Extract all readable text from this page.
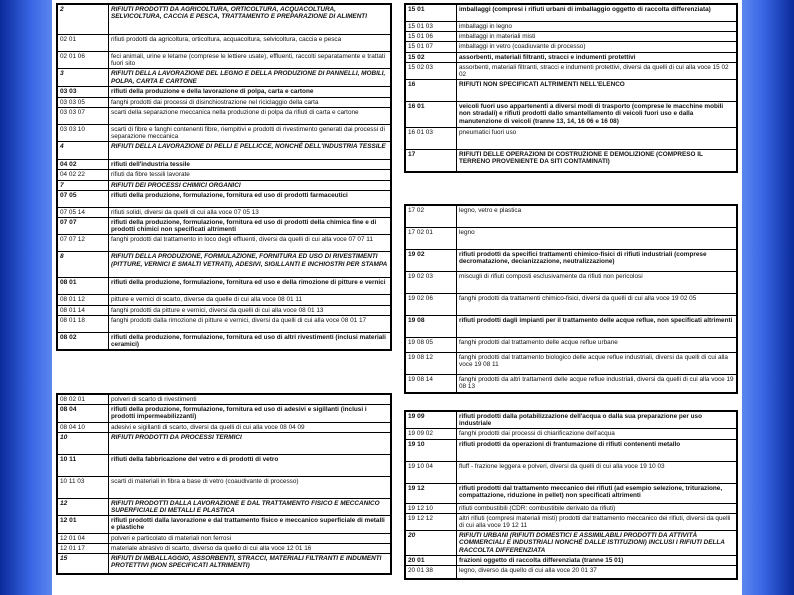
2	RIFIUTI PRODOTTI DA AGRICOLTURA, ORTICOLTURA, ACQUACOLTURA, SELVICOLTURA, CACCIA E PESCA, TRATTAMENTO E PREPARAZIONE DI ALIMENTI
02 01	rifiuti prodotti da agricoltura, orticoltura, acquacoltura, selvicoltura, caccia e pesca
02 01 06	feci animali, urine e letame (comprese le lettiere usate), effluenti, raccolti separatamente e trattati fuori sito
3	RIFIUTI DELLA LAVORAZIONE DEL LEGNO E DELLA PRODUZIONE DI PANNELLI, MOBILI, POLPA, CARTA E CARTONE
03 03	rifiuti della produzione e della lavorazione di polpa, carta e cartone
03 03 05	fanghi prodotti dai processi di disinchiostrazione nel riciclaggio della carta
03 03 07	scarti della separazione meccanica nella produzione di polpa da rifiuti di carta e cartone
03 03 10	scarti di fibre e fanghi contenenti fibre, riempitivi e prodotti di rivestimento generati dai processi di separazione meccanica
4	RIFIUTI DELLA LAVORAZIONE DI PELLI E PELLICCE, NONCHÉ DELL'INDUSTRIA TESSILE
04 02	rifiuti dell'industria tessile
04 02 22	rifiuti da fibre tessili lavorate
7	RIFIUTI DEI PROCESSI CHIMICI ORGANICI
07 05	rifiuti della produzione, formulazione, fornitura ed uso di prodotti farmaceutici
07 05 14	rifiuti solidi, diversi da quelli di cui alla voce 07 05 13
07 07	rifiuti della produzione, formulazione, fornitura ed uso di prodotti della chimica fine e di prodotti chimici non specificati altrimenti
07 07 12	fanghi prodotti dal trattamento in loco degli effluenti, diversi da quelli di cui alla voce 07 07 11
8	RIFIUTI DELLA PRODUZIONE, FORMULAZIONE, FORNITURA ED USO DI RIVESTIMENTI (PITTURE, VERNICI E SMALTI VETRATI), ADESIVI, SIGILLANTI E INCHIOSTRI PER STAMPA
08 01	rifiuti della produzione, formulazione, fornitura ed uso e della rimozione di pitture e vernici
08 01 12	pitture e vernici di scarto, diverse da quelle di cui alla voce 08 01 11
08 01 14	fanghi prodotti da pitture e vernici, diversi da quelli di cui alla voce 08 01 13
08 01 18	fanghi prodotti dalla rimozione di pitture e vernici, diversi da quelli di cui alla voce 08 01 17
08 02	rifiuti della produzione, formulazione, fornitura ed uso di altri rivestimenti (inclusi materiali ceramici)
08 02 01	polveri di scarto di rivestimenti
08 04	rifiuti della produzione, formulazione, fornitura ed uso di adesivi e sigillanti (inclusi i prodotti impermeabilizzanti)
08 04 10	adesivi e sigillanti di scarto, diversi da quelli di cui alla voce 08 04 09
10	RIFIUTI PRODOTTI DA PROCESSI TERMICI
10 11	rifiuti della fabbricazione del vetro e di prodotti di vetro
10 11 03	scarti di materiali in fibra a base di vetro (coaudivante di processo)
12	RIFIUTI PRODOTTI DALLA LAVORAZIONE E DAL TRATTAMENTO FISICO E MECCANICO SUPERFICIALE DI METALLI E PLASTICA
12 01	rifiuti prodotti dalla lavorazione e dal trattamento fisico e meccanico superficiale di metalli e plastiche
12 01 04	polveri e particolato di materiali non ferrosi
12 01 17	materiale abrasivo di scarto, diverso da quello di cui alla voce 12 01 16
15	RIFIUTI DI IMBALLAGGIO, ASSORBENTI, STRACCI, MATERIALI FILTRANTI E INDUMENTI PROTETTIVI (NON SPECIFICATI ALTRIMENTI)
15 01	imballaggi (compresi i rifiuti urbani di imballaggio oggetto di raccolta differenziata)
15 01 03	imballaggi in legno
15 01 06	imballaggi in materiali misti
15 01 07	imballaggi in vetro (coadiuvante di processo)
15 02	assorbenti, materiali filtranti, stracci e indumenti protettivi
15 02 03	assorbenti, materiali filtranti, stracci e indumenti protettivi, diversi da quelli di cui alla voce 15 02 02
16	RIFIUTI NON SPECIFICATI ALTRIMENTI NELL'ELENCO
16 01	veicoli fuori uso appartenenti a diversi modi di trasporto (comprese le macchine mobili non stradali) e rifiuti prodotti dallo smantellamento di veicoli fuori uso e dalla manutenzione di veicoli (tranne 13, 14, 16 06 e 16 08)
16 01 03	pneumatici fuori uso
17	RIFIUTI DELLE OPERAZIONI DI COSTRUZIONE E DEMOLIZIONE (COMPRESO IL TERRENO PROVENIENTE DA SITI CONTAMINATI)
17 02	legno, vetro e plastica
17 02 01	legno
19 02	rifiuti prodotti da specifici trattamenti chimico-fisici di rifiuti industriali (comprese decromatazione, decianizzazione, neutralizzazione)
19 02 03	miscugli di rifiuti composti esclusivamente da rifiuti non pericolosi
19 02 06	fanghi prodotti da trattamenti chimico-fisici, diversi da quelli di cui alla voce 19 02 05
19 08	rifiuti prodotti dagli impianti per il trattamento delle acque reflue, non specificati altrimenti
19 08 05	fanghi prodotti dal trattamento delle acque reflue urbane
19 08 12	fanghi prodotti dal trattamento biologico delle acque reflue industriali, diversi da quelli di cui alla voce 19 08 11
19 08 14	fanghi prodotti da altri trattamenti delle acque reflue industriali, diversi da quelli di cui alla voce 19 08 13
19 09	rifiuti prodotti dalla potabilizzazione dell'acqua o dalla sua preparazione per uso industriale
19 09 02	fanghi prodotti dai processi di chiarificazione dell'acqua
19 10	rifiuti prodotti da operazioni di frantumazione di rifiuti contenenti metallo
19 10 04	fluff - frazione leggera e polveri, diversi da quelli di cui alla voce 19 10 03
19 12	rifiuti prodotti dal trattamento meccanico dei rifiuti (ad esempio selezione, triturazione, compattazione, riduzione in pellet) non specificati altrimenti
19 12 10	rifiuti combustibili (CDR: combustibile derivato da rifiuti)
19 12 12	altri rifiuti (compresi materiali misti) prodotti dal trattamento meccanico dei rifiuti, diversi da quelli di cui alla voce 19 12 11
20	RIFIUTI URBANI (RIFIUTI DOMESTICI E ASSIMILABILI PRODOTTI DA ATTIVITÀ COMMERCIALI E INDUSTRIALI NONCHÉ DALLE ISTITUZIONI) INCLUSI I RIFIUTI DELLA RACCOLTA DIFFERENZIATA
20 01	frazioni oggetto di raccolta differenziata (tranne 15 01)
20 01 38	legno, diverso da quello di cui alla voce 20 01 37
